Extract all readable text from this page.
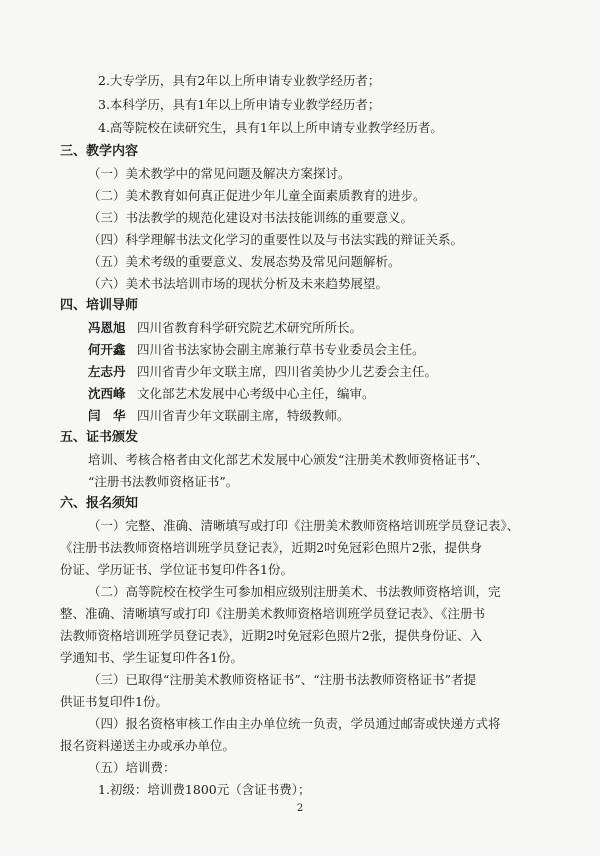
2.大专学历，具有2年以上所申请专业教学经历者；
3.本科学历，具有1年以上所申请专业教学经历者；
4.高等院校在读研究生，具有1年以上所申请专业教学经历者。
三、教学内容
（一）美术教学中的常见问题及解决方案探讨。
（二）美术教育如何真正促进少年儿童全面素质教育的进步。
（三）书法教学的规范化建设对书法技能训练的重要意义。
（四）科学理解书法文化学习的重要性以及与书法实践的辩证关系。
（五）美术考级的重要意义、发展态势及常见问题解析。
（六）美术书法培训市场的现状分析及未来趋势展望。
四、培训导师
冯恩旭 四川省教育科学研究院艺术研究所所长。
何开鑫 四川省书法家协会副主席兼行草书专业委员会主任。
左志丹 四川省青少年文联主席，四川省美协少儿艺委会主任。
沈西峰 文化部艺术发展中心考级中心主任，编审。
闫　华 四川省青少年文联副主席，特级教师。
五、证书颁发
培训、考核合格者由文化部艺术发展中心颁发“注册美术教师资格证书”、
“注册书法教师资格证书”。
六、报名须知
（一）完整、准确、清晰填写或打印《注册美术教师资格培训班学员登记表》、
《注册书法教师资格培训班学员登记表》，近期2吋免冠彩色照片2张，提供身
份证、学历证书、学位证书复印件各1份。
（二）高等院校在校学生可参加相应级别注册美术、书法教师资格培训，完
整、准确、清晰填写或打印《注册美术教师资格培训班学员登记表》、《注册书
法教师资格培训班学员登记表》，近期2吋免冠彩色照片2张，提供身份证、入
学通知书、学生证复印件各1份。
（三）已取得“注册美术教师资格证书”、“注册书法教师资格证书”者提
供证书复印件1份。
（四）报名资格审核工作由主办单位统一负责，学员通过邮寄或快递方式将
报名资料递送主办或承办单位。
（五）培训费：
1.初级：培训费1800元（含证书费）；
2
